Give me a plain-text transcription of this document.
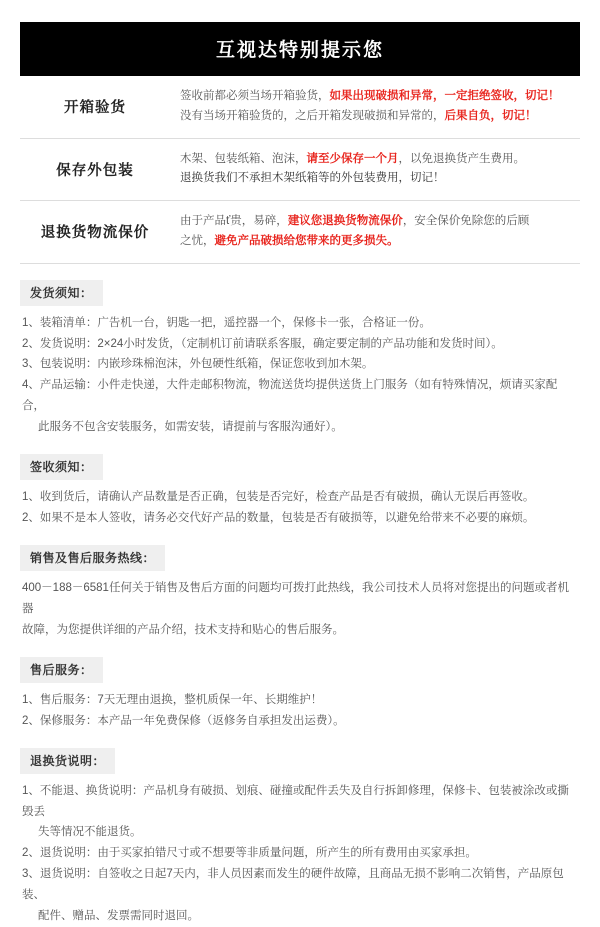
互视达特别提示您
开箱验货	签收前都必须当场开箱验货，如果出现破损和异常，一定拒绝签收，切记！
没有当场开箱验货的，之后开箱发现破损和异常的，后果自负，切记！
保存外包装	木架、包装纸箱、泡沫，请至少保存一个月，以免退换货产生费用。
退换货我们不承担木架纸箱等的外包装费用，切记！
退换货物流保价	由于产品ť贵，易碎，建议您退换货物流保价，安全保价免除您的后顾
之忧，避免产品破损给您带来的更多损失。
发货须知：
1、装箱清单：广告机一台，钥匙一把，遥控器一个，保修卡一张，合格证一份。
2、发货说明：2×24小时发货，（定制机订前请联系客服，确定要定制的产品功能和发货时间）。
3、包装说明：内嵌珍珠棉泡沫，外包硬性纸箱，保证您收到加木架。
4、产品运输：小件走快递，大件走邮积物流，物流送货均提供送货上门服务（如有特殊情况，烦请买家配合，
此服务不包含安装服务，如需安装，请提前与客服沟通好）。
签收须知：
1、收到货后，请确认产品数量是否正确，包装是否完好，检查产品是否有破损，确认无误后再签收。
2、如果不是本人签收，请务必交代好产品的数量，包装是否有破损等，以避免给带来不必要的麻烦。
销售及售后服务热线：
400－188－6581任何关于销售及售后方面的问题均可拨打此热线，我公司技术人员将对您提出的问题或者机器
故障，为您提供详细的产品介绍，技术支持和贴心的售后服务。
售后服务：
1、售后服务：7天无理由退换，整机质保一年、长期维护！
2、保修服务：本产品一年免费保修（返修务自承担发出运费）。
退换货说明：
1、不能退、换货说明：产品机身有破损、划痕、碰撞或配件丢失及自行拆卸修理，保修卡、包装被涂改或撕毁丢
失等情况不能退货。
2、退货说明：由于买家拍错尺寸或不想要等非质量问题，所产生的所有费用由买家承担。
3、退货说明：自签收之日起7天内，非人员因素而发生的硬件故障，且商品无损不影响二次销售，产品原包装、
配件、赠品、发票需同时退回。
